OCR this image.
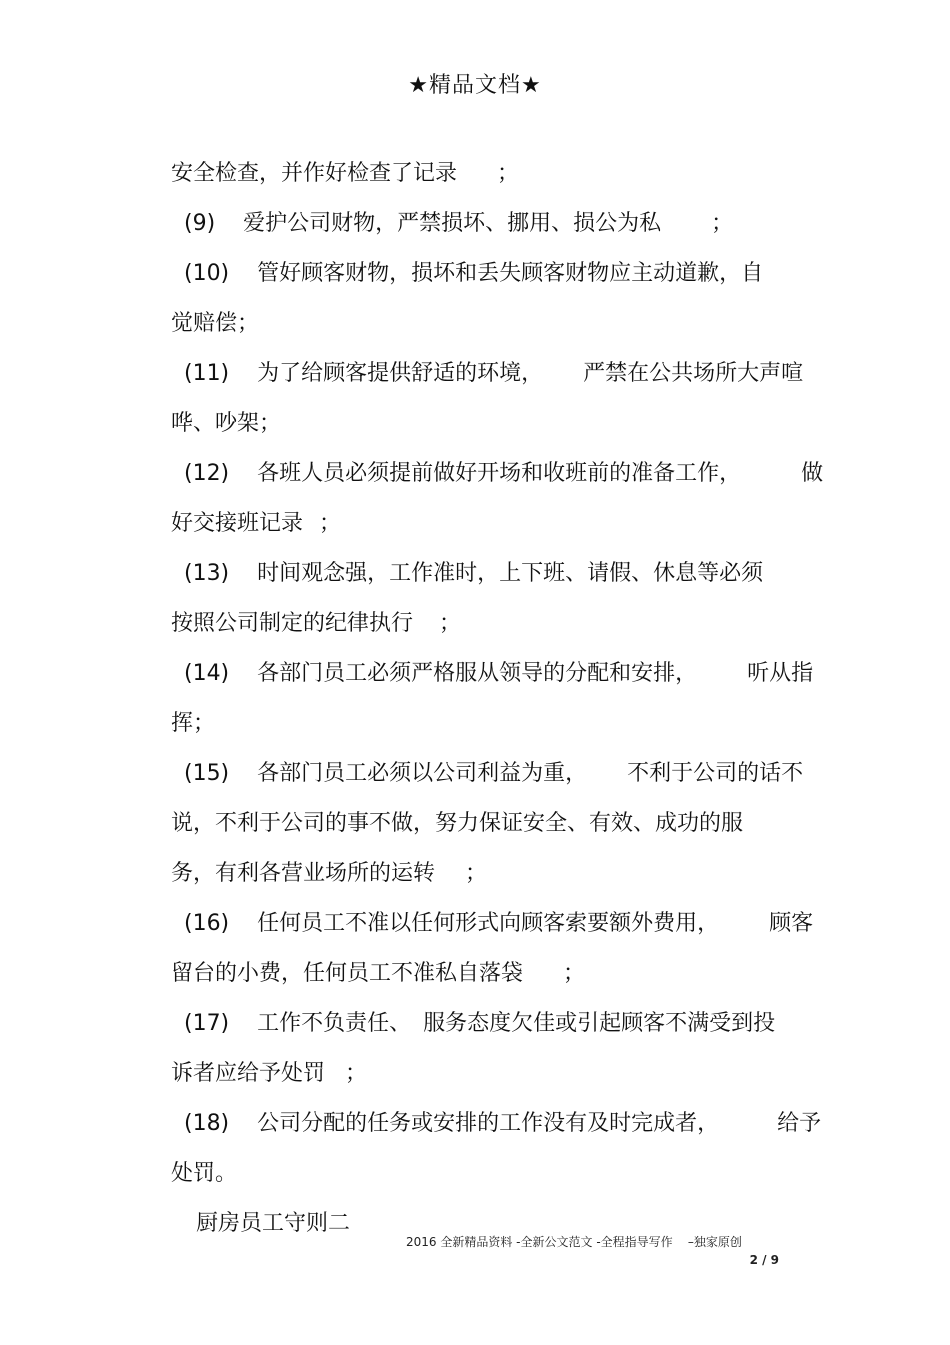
★精品文档★

安全检查，并作好检查了记录 ；

(9)    爱护公司财物，严禁损坏、挪用、损公为私 ；

(10)    管好顾客财物，损坏和丢失顾客财物应主动道歉，自

觉赔偿；

(11)    为了给顾客提供舒适的环境， 严禁在公共场所大声喧

哗、吵架；

(12)    各班人员必须提前做好开场和收班前的准备工作，	做

好交接班记录 ；

(13)    时间观念强，工作准时，上下班、请假、休息等必须

按照公司制定的纪律执行 ；

(14)    各部门员工必须严格服从领导的分配和安排， 听从指

挥；

(15)    各部门员工必须以公司利益为重， 不利于公司的话不

说，不利于公司的事不做，努力保证安全、有效、成功的服

务，有利各营业场所的运转 ；

(16)    任何员工不准以任何形式向顾客索要额外费用， 顾客

留台的小费，任何员工不准私自落袋 ；

(17)    工作不负责任、 服务态度欠佳或引起顾客不满受到投

诉者应给予处罚 ；

(18)    公司分配的任务或安排的工作没有及时完成者，	给予

处罚。

厨房员工守则二

2016 全新精品资料 -全新公文范文 -全程指导写作    –独家原创
2 / 9
